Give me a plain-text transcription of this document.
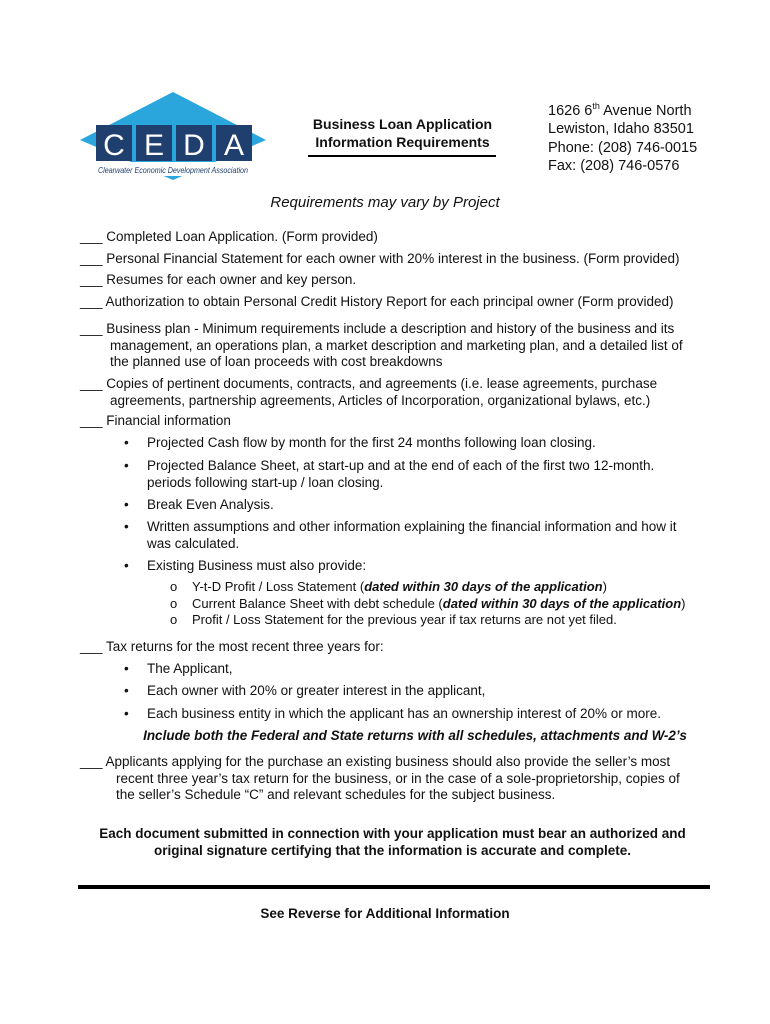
C E D A
Clearwater Economic Development Association
Business Loan Application
Information Requirements
1626 6th Avenue North
Lewiston, Idaho 83501
Phone: (208) 746-0015
Fax: (208) 746-0576
Requirements may vary by Project
___ Completed Loan Application. (Form provided)
___ Personal Financial Statement for each owner with 20% interest in the business. (Form provided)
___ Resumes for each owner and key person.
___ Authorization to obtain Personal Credit History Report for each principal owner (Form provided)
___ Business plan - Minimum requirements include a description and history of the business and its
management, an operations plan, a market description and marketing plan, and a detailed list of
the planned use of loan proceeds with cost breakdowns
___ Copies of pertinent documents, contracts, and agreements (i.e. lease agreements, purchase
agreements, partnership agreements, Articles of Incorporation, organizational bylaws, etc.)
___ Financial information
• Projected Cash flow by month for the first 24 months following loan closing.
• Projected Balance Sheet, at start-up and at the end of each of the first two 12-month.
periods following start-up / loan closing.
• Break Even Analysis.
• Written assumptions and other information explaining the financial information and how it
was calculated.
• Existing Business must also provide:
o Y-t-D Profit / Loss Statement (dated within 30 days of the application)
o Current Balance Sheet with debt schedule (dated within 30 days of the application)
o Profit / Loss Statement for the previous year if tax returns are not yet filed.
___ Tax returns for the most recent three years for:
• The Applicant,
• Each owner with 20% or greater interest in the applicant,
• Each business entity in which the applicant has an ownership interest of 20% or more.
Include both the Federal and State returns with all schedules, attachments and W-2’s
___ Applicants applying for the purchase an existing business should also provide the seller’s most
recent three year’s tax return for the business, or in the case of a sole-proprietorship, copies of
the seller’s Schedule “C” and relevant schedules for the subject business.
Each document submitted in connection with your application must bear an authorized and
original signature certifying that the information is accurate and complete.
See Reverse for Additional Information
